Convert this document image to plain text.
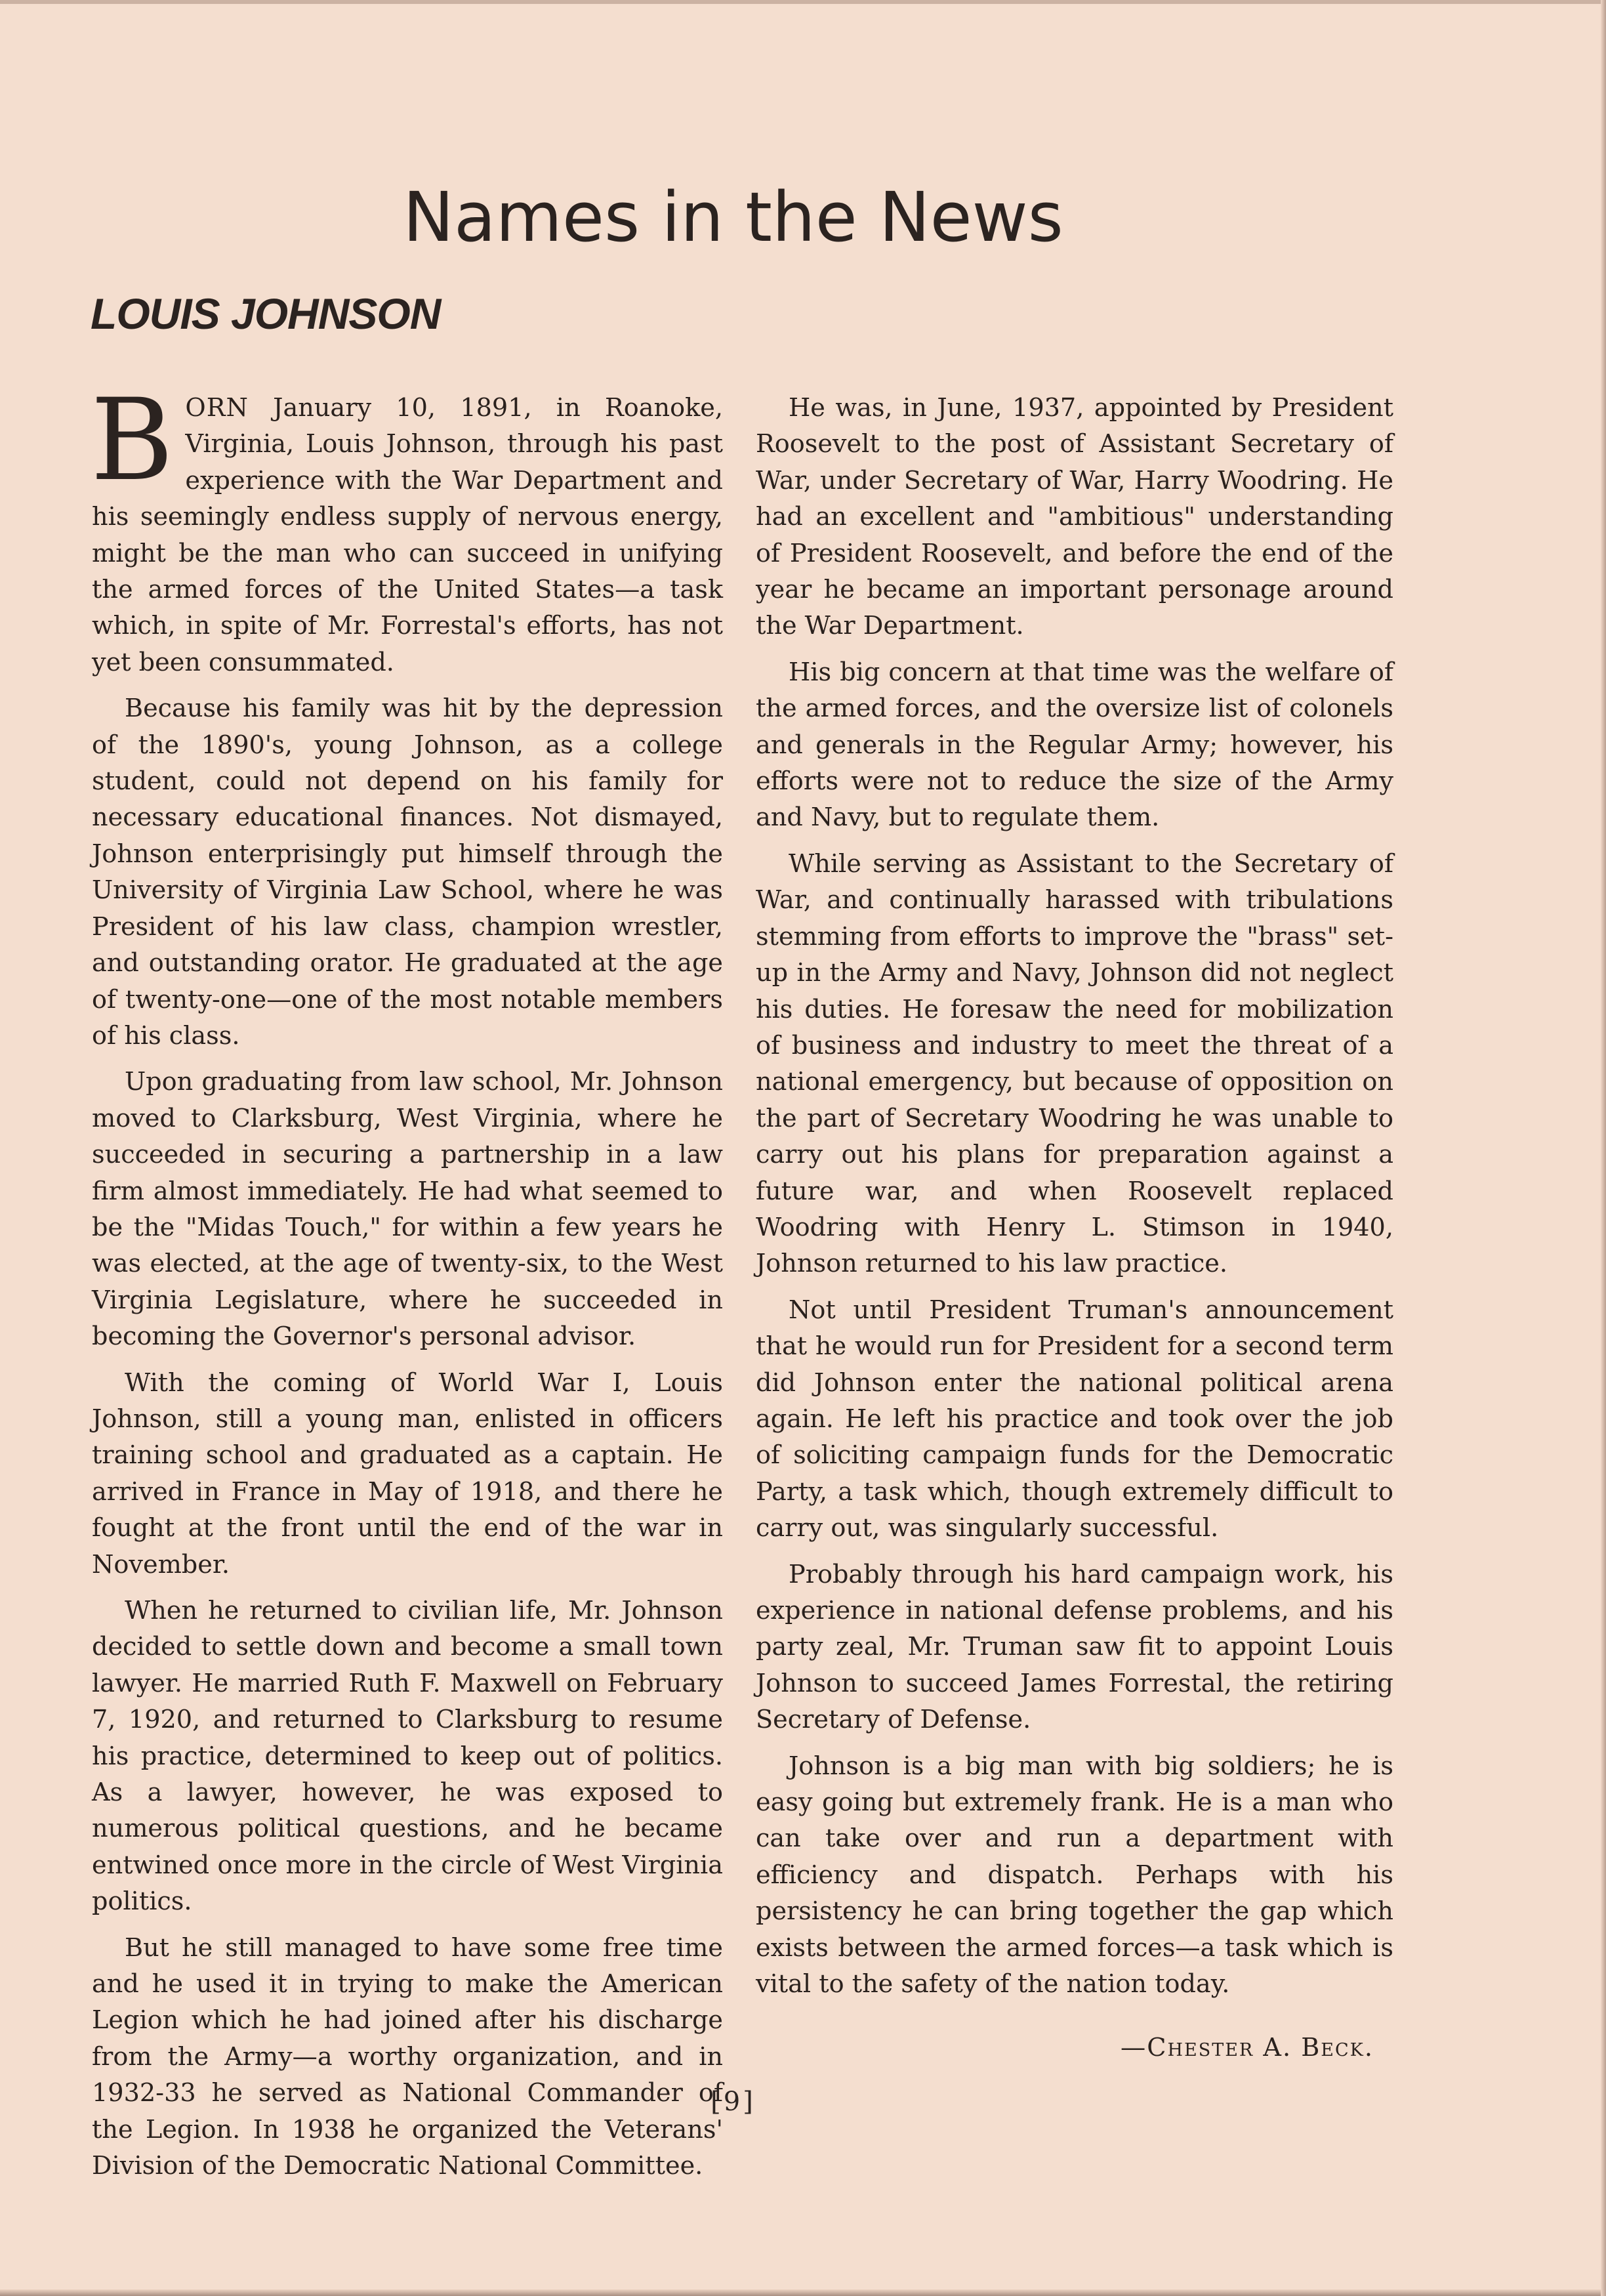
Names in the News
LOUIS JOHNSON

BORN January 10, 1891, in Roanoke, Virginia, Louis Johnson, through his past experience with the War Department and his seemingly endless supply of nervous energy, might be the man who can succeed in unifying the armed forces of the United States—a task which, in spite of Mr. Forrestal's efforts, has not yet been consummated.

Because his family was hit by the depression of the 1890's, young Johnson, as a college student, could not depend on his family for necessary educational finances. Not dismayed, Johnson enterprisingly put himself through the University of Virginia Law School, where he was President of his law class, champion wrestler, and outstanding orator. He graduated at the age of twenty-one—one of the most notable members of his class.

Upon graduating from law school, Mr. Johnson moved to Clarksburg, West Virginia, where he succeeded in securing a partnership in a law firm almost immediately. He had what seemed to be the "Midas Touch," for within a few years he was elected, at the age of twenty-six, to the West Virginia Legislature, where he succeeded in becoming the Governor's personal advisor.

With the coming of World War I, Louis Johnson, still a young man, enlisted in officers training school and graduated as a captain. He arrived in France in May of 1918, and there he fought at the front until the end of the war in November.

When he returned to civilian life, Mr. Johnson decided to settle down and become a small town lawyer. He married Ruth F. Maxwell on February 7, 1920, and returned to Clarksburg to resume his practice, determined to keep out of politics. As a lawyer, however, he was exposed to numerous political questions, and he became entwined once more in the circle of West Virginia politics.

But he still managed to have some free time and he used it in trying to make the American Legion which he had joined after his discharge from the Army—a worthy organization, and in 1932-33 he served as National Commander of the Legion. In 1938 he organized the Veterans' Division of the Democratic National Committee.

He was, in June, 1937, appointed by President Roosevelt to the post of Assistant Secretary of War, under Secretary of War, Harry Woodring. He had an excellent and "ambitious" understanding of President Roosevelt, and before the end of the year he became an important personage around the War Department.

His big concern at that time was the welfare of the armed forces, and the oversize list of colonels and generals in the Regular Army; however, his efforts were not to reduce the size of the Army and Navy, but to regulate them.

While serving as Assistant to the Secretary of War, and continually harassed with tribulations stemming from efforts to improve the "brass" set-up in the Army and Navy, Johnson did not neglect his duties. He foresaw the need for mobilization of business and industry to meet the threat of a national emergency, but because of opposition on the part of Secretary Woodring he was unable to carry out his plans for preparation against a future war, and when Roosevelt replaced Woodring with Henry L. Stimson in 1940, Johnson returned to his law practice.

Not until President Truman's announcement that he would run for President for a second term did Johnson enter the national political arena again. He left his practice and took over the job of soliciting campaign funds for the Democratic Party, a task which, though extremely difficult to carry out, was singularly successful.

Probably through his hard campaign work, his experience in national defense problems, and his party zeal, Mr. Truman saw fit to appoint Louis Johnson to succeed James Forrestal, the retiring Secretary of Defense.

Johnson is a big man with big soldiers; he is easy going but extremely frank. He is a man who can take over and run a department with efficiency and dispatch. Perhaps with his persistency he can bring together the gap which exists between the armed forces—a task which is vital to the safety of the nation today.

—Chester A. Beck.

[9]
